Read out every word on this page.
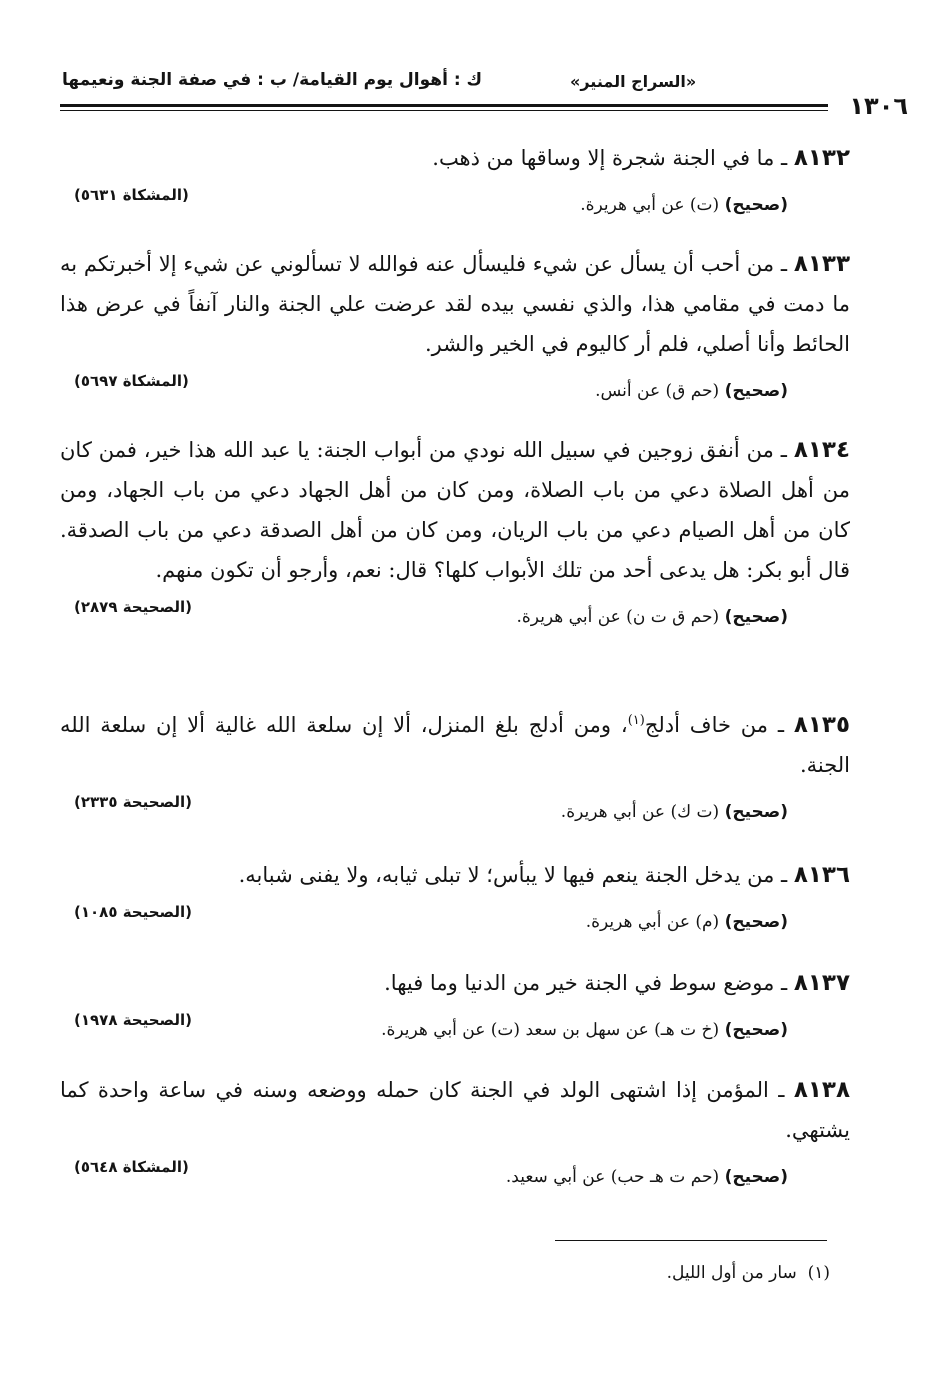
ك : أهوال يوم القيامة/ ب : في صفة الجنة ونعيمها	«السراج المنير»
١٣٠٦

٨١٣٢ ـ ما في الجنة شجرة إلا وساقها من ذهب.

(صحيح) (ت) عن أبي هريرة.
(المشكاة ٥٦٣١)

٨١٣٣ ـ من أحب أن يسأل عن شيء فليسأل عنه فوالله لا تسألوني عن شيء إلا أخبرتكم به ما دمت في مقامي هذا، والذي نفسي بيده لقد عرضت علي الجنة والنار آنفاً في عرض هذا الحائط وأنا أصلي، فلم أر كاليوم في الخير والشر.

(صحيح) (حم ق) عن أنس.
(المشكاة ٥٦٩٧)

٨١٣٤ ـ من أنفق زوجين في سبيل الله نودي من أبواب الجنة: يا عبد الله هذا خير، فمن كان من أهل الصلاة دعي من باب الصلاة، ومن كان من أهل الجهاد دعي من باب الجهاد، ومن كان من أهل الصيام دعي من باب الريان، ومن كان من أهل الصدقة دعي من باب الصدقة. قال أبو بكر: هل يدعى أحد من تلك الأبواب كلها؟ قال: نعم، وأرجو أن تكون منهم.

(صحيح) (حم ق ت ن) عن أبي هريرة.
(الصحيحة ٢٨٧٩)

٨١٣٥ ـ من خاف أدلج$^{(١)}$، ومن أدلج بلغ المنزل، ألا إن سلعة الله غالية ألا إن سلعة الله الجنة.

(صحيح) (ت ك) عن أبي هريرة.
(الصحيحة ٢٣٣٥)

٨١٣٦ ـ من يدخل الجنة ينعم فيها لا يبأس؛ لا تبلى ثيابه، ولا يفنى شبابه.

(صحيح) (م) عن أبي هريرة.
(الصحيحة ١٠٨٥)

٨١٣٧ ـ موضع سوط في الجنة خير من الدنيا وما فيها.

(صحيح) (خ ت هـ) عن سهل بن سعد (ت) عن أبي هريرة.
(الصحيحة ١٩٧٨)

٨١٣٨ ـ المؤمن إذا اشتهى الولد في الجنة كان حمله ووضعه وسنه في ساعة واحدة كما يشتهي.

(صحيح) (حم ت هـ حب) عن أبي سعيد.
(المشكاة ٥٦٤٨)
(١)  سار من أول الليل.
